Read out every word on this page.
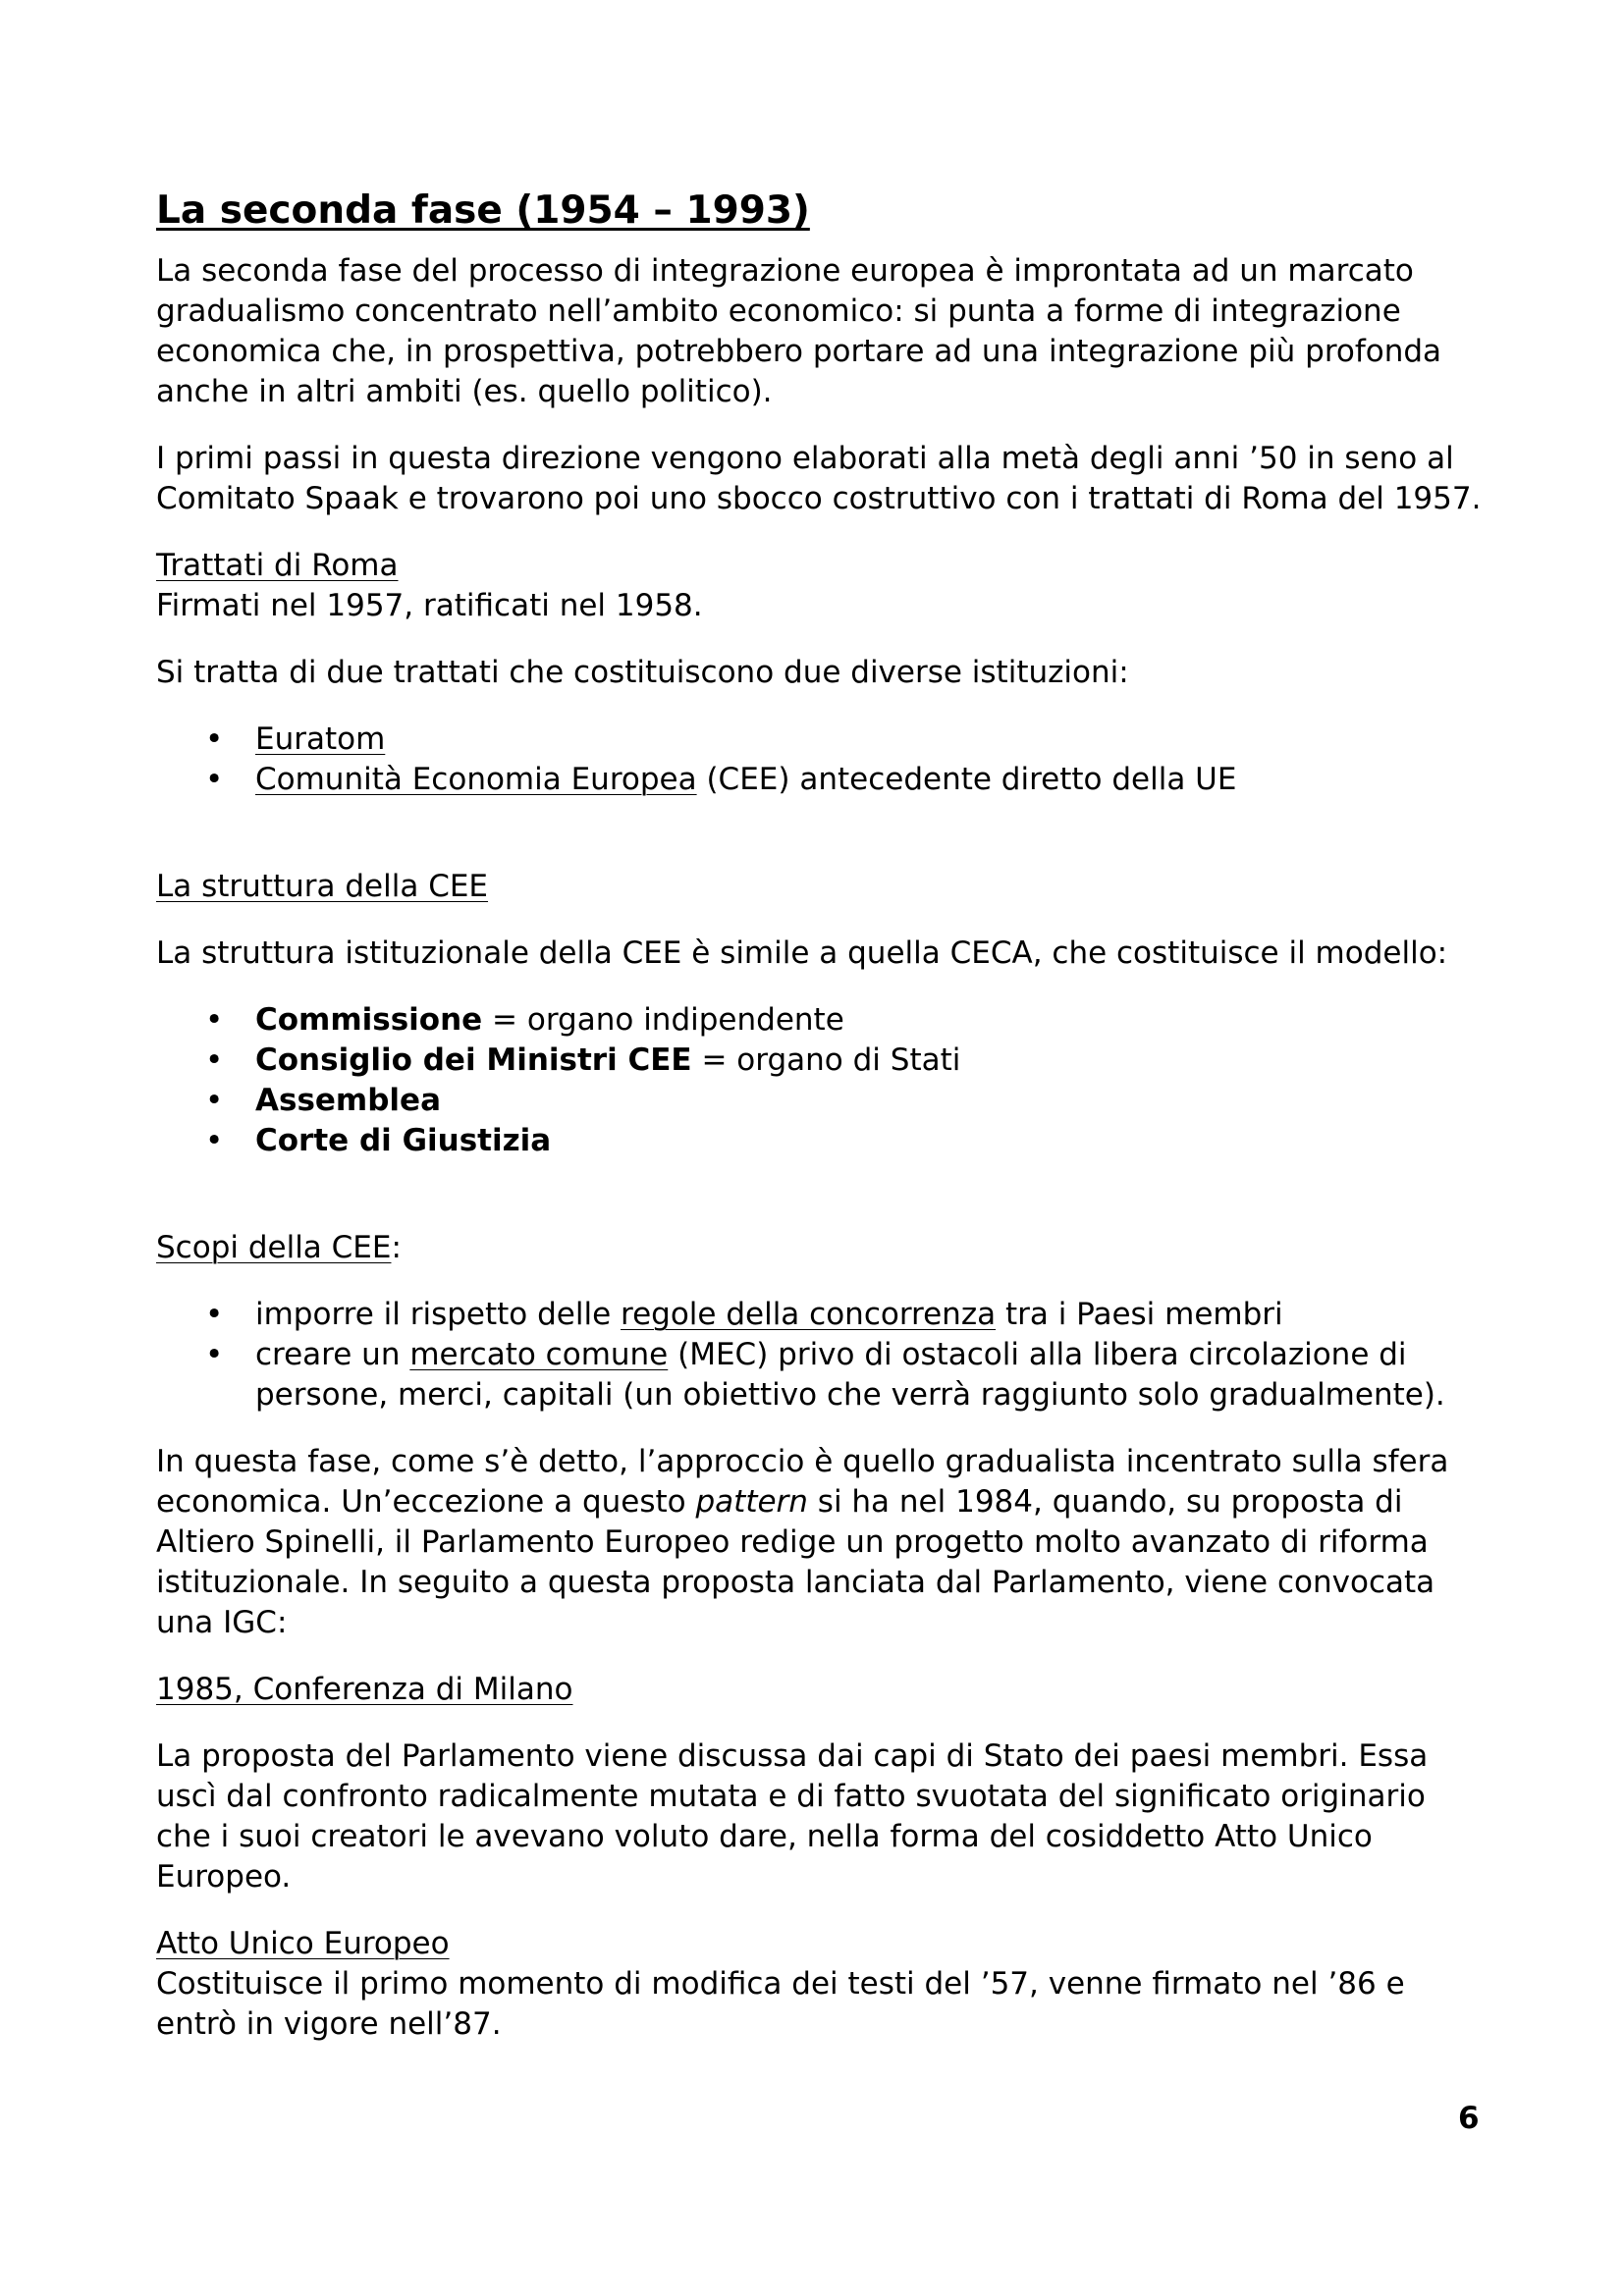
La seconda fase (1954 – 1993)

La seconda fase del processo di integrazione europea è improntata ad un marcato gradualismo concentrato nell’ambito economico: si punta a forme di integrazione economica che, in prospettiva, potrebbero portare ad una integrazione più profonda anche in altri ambiti (es. quello politico).

I primi passi in questa direzione vengono elaborati alla metà degli anni ’50 in seno al Comitato Spaak e trovarono poi uno sbocco costruttivo con i trattati di Roma del 1957.

Trattati di Roma
Firmati nel 1957, ratificati nel 1958.

Si tratta di due trattati che costituiscono due diverse istituzioni:

• Euratom
• Comunità Economia Europea (CEE) antecedente diretto della UE

La struttura della CEE

La struttura istituzionale della CEE è simile a quella CECA, che costituisce il modello:

• Commissione = organo indipendente
• Consiglio dei Ministri CEE = organo di Stati
• Assemblea
• Corte di Giustizia

Scopi della CEE:

• imporre il rispetto delle regole della concorrenza tra i Paesi membri
• creare un mercato comune (MEC) privo di ostacoli alla libera circolazione di persone, merci, capitali (un obiettivo che verrà raggiunto solo gradualmente).

In questa fase, come s’è detto, l’approccio è quello gradualista incentrato sulla sfera economica. Un’eccezione a questo pattern si ha nel 1984, quando, su proposta di Altiero Spinelli, il Parlamento Europeo redige un progetto molto avanzato di riforma istituzionale. In seguito a questa proposta lanciata dal Parlamento, viene convocata una IGC:

1985, Conferenza di Milano

La proposta del Parlamento viene discussa dai capi di Stato dei paesi membri. Essa uscì dal confronto radicalmente mutata e di fatto svuotata del significato originario che i suoi creatori le avevano voluto dare, nella forma del cosiddetto Atto Unico Europeo.

Atto Unico Europeo
Costituisce il primo momento di modifica dei testi del ’57, venne firmato nel ’86 e entrò in vigore nell’87.

6
